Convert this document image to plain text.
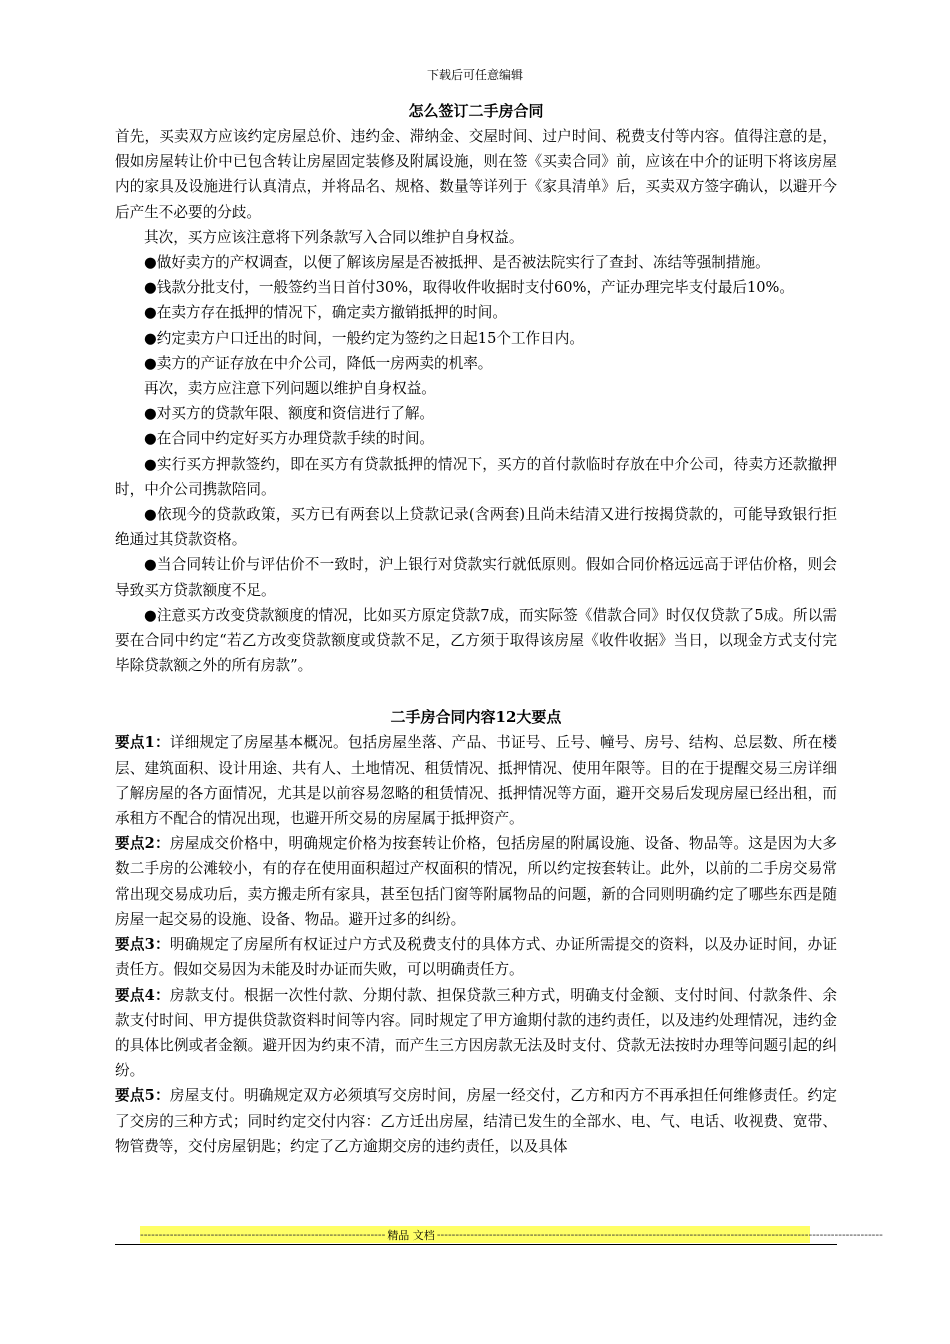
下载后可任意编辑
怎么签订二手房合同

首先，买卖双方应该约定房屋总价、违约金、滞纳金、交屋时间、过户时间、税费支付等内容。值得注意的是，假如房屋转让价中已包含转让房屋固定装修及附属设施，则在签《买卖合同》前，应该在中介的证明下将该房屋内的家具及设施进行认真清点，并将品名、规格、数量等详列于《家具清单》后，买卖双方签字确认，以避开今后产生不必要的分歧。

其次，买方应该注意将下列条款写入合同以维护自身权益。

●做好卖方的产权调查，以便了解该房屋是否被抵押、是否被法院实行了查封、冻结等强制措施。

●钱款分批支付，一般签约当日首付30%，取得收件收据时支付60%，产证办理完毕支付最后10%。

●在卖方存在抵押的情况下，确定卖方撤销抵押的时间。

●约定卖方户口迁出的时间，一般约定为签约之日起15个工作日内。

●卖方的产证存放在中介公司，降低一房两卖的机率。

再次，卖方应注意下列问题以维护自身权益。

●对买方的贷款年限、额度和资信进行了解。

●在合同中约定好买方办理贷款手续的时间。

●实行买方押款签约，即在买方有贷款抵押的情况下，买方的首付款临时存放在中介公司，待卖方还款撤押时，中介公司携款陪同。

●依现今的贷款政策，买方已有两套以上贷款记录(含两套)且尚未结清又进行按揭贷款的，可能导致银行拒绝通过其贷款资格。

●当合同转让价与评估价不一致时，沪上银行对贷款实行就低原则。假如合同价格远远高于评估价格，则会导致买方贷款额度不足。

●注意买方改变贷款额度的情况，比如买方原定贷款7成，而实际签《借款合同》时仅仅贷款了5成。所以需要在合同中约定“若乙方改变贷款额度或贷款不足，乙方须于取得该房屋《收件收据》当日，以现金方式支付完毕除贷款额之外的所有房款”。

二手房合同内容12大要点

要点1：详细规定了房屋基本概况。包括房屋坐落、产品、书证号、丘号、幢号、房号、结构、总层数、所在楼层、建筑面积、设计用途、共有人、土地情况、租赁情况、抵押情况、使用年限等。目的在于提醒交易三房详细了解房屋的各方面情况，尤其是以前容易忽略的租赁情况、抵押情况等方面，避开交易后发现房屋已经出租，而承租方不配合的情况出现，也避开所交易的房屋属于抵押资产。

要点2：房屋成交价格中，明确规定价格为按套转让价格，包括房屋的附属设施、设备、物品等。这是因为大多数二手房的公滩较小，有的存在使用面积超过产权面积的情况，所以约定按套转让。此外，以前的二手房交易常常出现交易成功后，卖方搬走所有家具，甚至包括门窗等附属物品的问题，新的合同则明确约定了哪些东西是随房屋一起交易的设施、设备、物品。避开过多的纠纷。

要点3：明确规定了房屋所有权证过户方式及税费支付的具体方式、办证所需提交的资料，以及办证时间，办证责任方。假如交易因为未能及时办证而失败，可以明确责任方。

要点4：房款支付。根据一次性付款、分期付款、担保贷款三种方式，明确支付金额、支付时间、付款条件、余款支付时间、甲方提供贷款资料时间等内容。同时规定了甲方逾期付款的违约责任，以及违约处理情况，违约金的具体比例或者金额。避开因为约束不清，而产生三方因房款无法及时支付、贷款无法按时办理等问题引起的纠纷。

要点5：房屋支付。明确规定双方必须填写交房时间，房屋一经交付，乙方和丙方不再承担任何维修责任。约定了交房的三种方式；同时约定交付内容：乙方迁出房屋，结清已发生的全部水、电、气、电话、收视费、宽带、物管费等，交付房屋钥匙；约定了乙方逾期交房的违约责任，以及具体

------------------------------------------------------------------ 精品 文档 ------------------------------------------------------------------------------------------------------------------------
